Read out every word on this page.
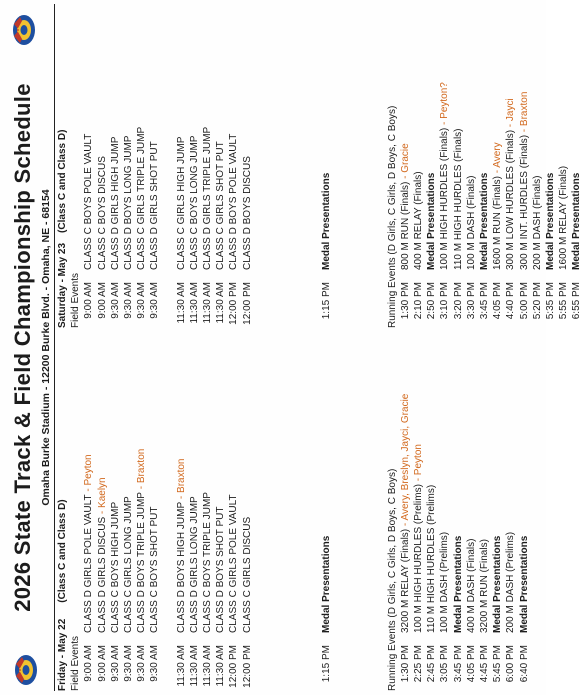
2026 State Track & Field Championship Schedule Omaha Burke Stadium - 12200 Burke Blvd. - Omaha, NE - 68154
Friday - May 22
(Class C and Class D)
Field Events 9:00 AM
CLASS D GIRLS POLE VAULT
- Peyton
9:00 AM
CLASS D GIRLS DISCUS
- Kaelyn
9:30 AM
CLASS C BOYS HIGH JUMP
9:30 AM
CLASS C GIRLS LONG JUMP
9:30 AM
CLASS D BOYS TRIPLE JUMP
- Braxton
9:30 AM
CLASS C BOYS SHOT PUT
11:30 AM
CLASS D BOYS HIGH JUMP
- Braxton
11:30 AM
CLASS D GIRLS LONG JUMP
11:30 AM
CLASS C BOYS TRIPLE JUMP
11:30 AM
CLASS D BOYS SHOT PUT
12:00 PM
CLASS C GIRLS POLE VAULT
12:00 PM
CLASS C GIRLS DISCUS
1:15 PM
Medal Presentations	Running Events (D Girls, C Girls, D Boys, C Boys) 1:30 PM
3200 M RELAY (Finals)
- Avery, Breslyn, Jayci, Gracie
2:25 PM
100 M HIGH HURDLES (Prelims)
- Peyton
2:45 PM
110 M HIGH HURDLES (Prelims)
3:05 PM
100 M DASH (Prelims)
3:45 PM
Medal Presentations
4:05 PM
400 M DASH (Finals)
4:45 PM
3200 M RUN (Finals)
5:45 PM
Medal Presentations
6:00 PM
200 M DASH (Prelims)
6:40 PM
Medal Presentations
Saturday - May 23
(Class C and Class D)
Field Events 9:00 AM
CLASS C BOYS POLE VAULT
9:00 AM
CLASS C BOYS DISCUS
9:30 AM
CLASS D GIRLS HIGH JUMP
9:30 AM
CLASS D BOYS LONG JUMP
9:30 AM
CLASS C GIRLS TRIPLE JUMP
9:30 AM
CLASS D GIRLS SHOT PUT
11:30 AM
CLASS C GIRLS HIGH JUMP
11:30 AM
CLASS C BOYS LONG JUMP
11:30 AM
CLASS D GIRLS TRIPLE JUMP
11:30 AM
CLASS C GIRLS SHOT PUT
12:00 PM
CLASS D BOYS POLE VAULT
12:00 PM
CLASS D BOYS DISCUS
1:15 PM
Medal Presentations	Running Events (D Girls, C Girls, D Boys, C Boys) 1:30 PM
800 M RUN (Finals)
- Gracie
2:10 PM
400 M RELAY (Finals)
2:50 PM
Medal Presentations
3:10 PM
100 M HIGH HURDLES (Finals)
- Peyton?
3:20 PM
110 M HIGH HURDLES (Finals)
3:30 PM
100 M DASH (Finals)
3:45 PM
Medal Presentations
4:05 PM
1600 M RUN (Finals)
- Avery
4:40 PM
300 M LOW HURDLES (Finals)
- Jayci
5:00 PM
300 M INT. HURDLES (Finals)
- Braxton
5:20 PM
200 M DASH (Finals)
5:35 PM
Medal Presentations
5:55 PM
1600 M RELAY (Finals)
6:55 PM
Medal Presentations
